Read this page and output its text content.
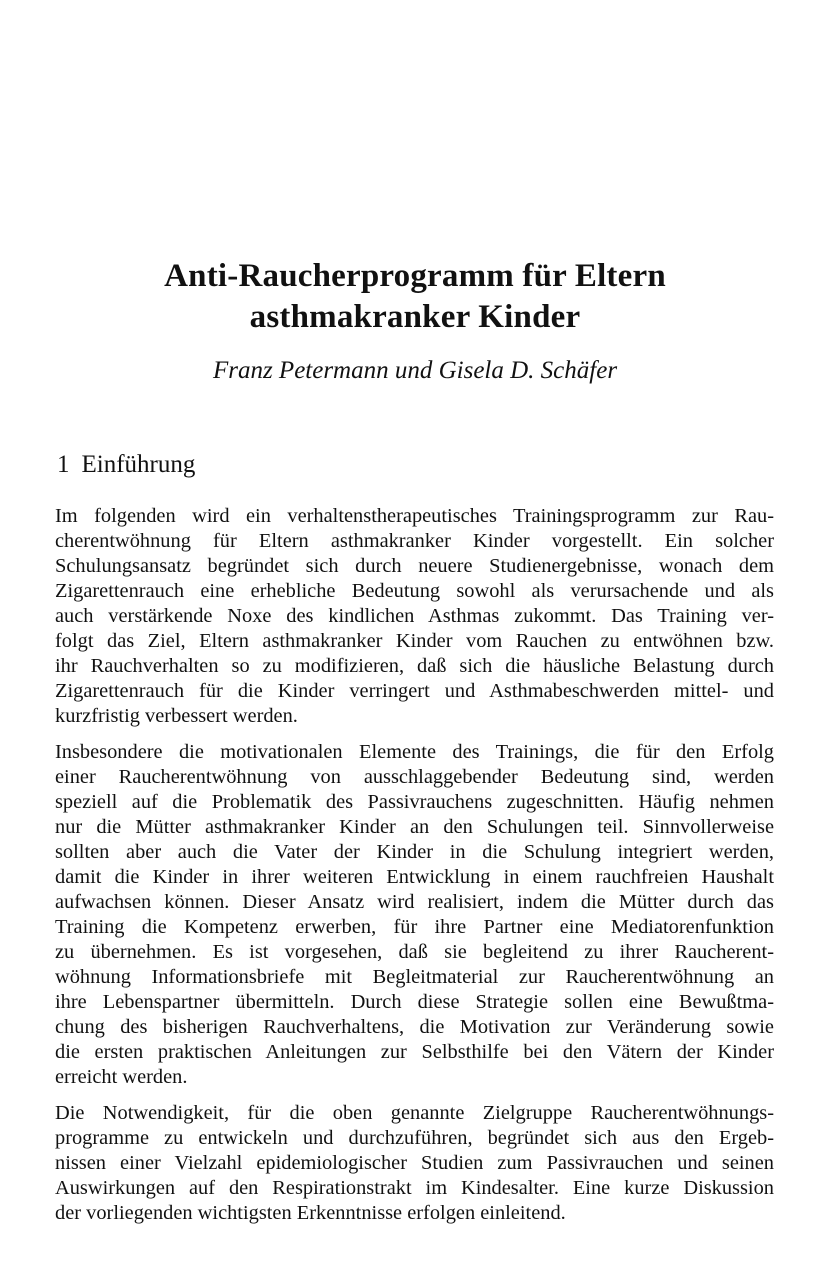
Anti-Raucherprogramm für Eltern
asthmakranker Kinder
Franz Petermann und Gisela D. Schäfer
1 Einführung
Im folgenden wird ein verhaltenstherapeutisches Trainingsprogramm zur Rau-
cherentwöhnung für Eltern asthmakranker Kinder vorgestellt. Ein solcher
Schulungsansatz begründet sich durch neuere Studienergebnisse, wonach dem
Zigarettenrauch eine erhebliche Bedeutung sowohl als verursachende und als
auch verstärkende Noxe des kindlichen Asthmas zukommt. Das Training ver-
folgt das Ziel, Eltern asthmakranker Kinder vom Rauchen zu entwöhnen bzw.
ihr Rauchverhalten so zu modifizieren, daß sich die häusliche Belastung durch
Zigarettenrauch für die Kinder verringert und Asthmabeschwerden mittel- und
kurzfristig verbessert werden.
Insbesondere die motivationalen Elemente des Trainings, die für den Erfolg
einer Raucherentwöhnung von ausschlaggebender Bedeutung sind, werden
speziell auf die Problematik des Passivrauchens zugeschnitten. Häufig nehmen
nur die Mütter asthmakranker Kinder an den Schulungen teil. Sinnvollerweise
sollten aber auch die Vater der Kinder in die Schulung integriert werden,
damit die Kinder in ihrer weiteren Entwicklung in einem rauchfreien Haushalt
aufwachsen können. Dieser Ansatz wird realisiert, indem die Mütter durch das
Training die Kompetenz erwerben, für ihre Partner eine Mediatorenfunktion
zu übernehmen. Es ist vorgesehen, daß sie begleitend zu ihrer Raucherent-
wöhnung Informationsbriefe mit Begleitmaterial zur Raucherentwöhnung an
ihre Lebenspartner übermitteln. Durch diese Strategie sollen eine Bewußtma-
chung des bisherigen Rauchverhaltens, die Motivation zur Veränderung sowie
die ersten praktischen Anleitungen zur Selbsthilfe bei den Vätern der Kinder
erreicht werden.
Die Notwendigkeit, für die oben genannte Zielgruppe Raucherentwöhnungs-
programme zu entwickeln und durchzuführen, begründet sich aus den Ergeb-
nissen einer Vielzahl epidemiologischer Studien zum Passivrauchen und seinen
Auswirkungen auf den Respirationstrakt im Kindesalter. Eine kurze Diskussion
der vorliegenden wichtigsten Erkenntnisse erfolgen einleitend.
